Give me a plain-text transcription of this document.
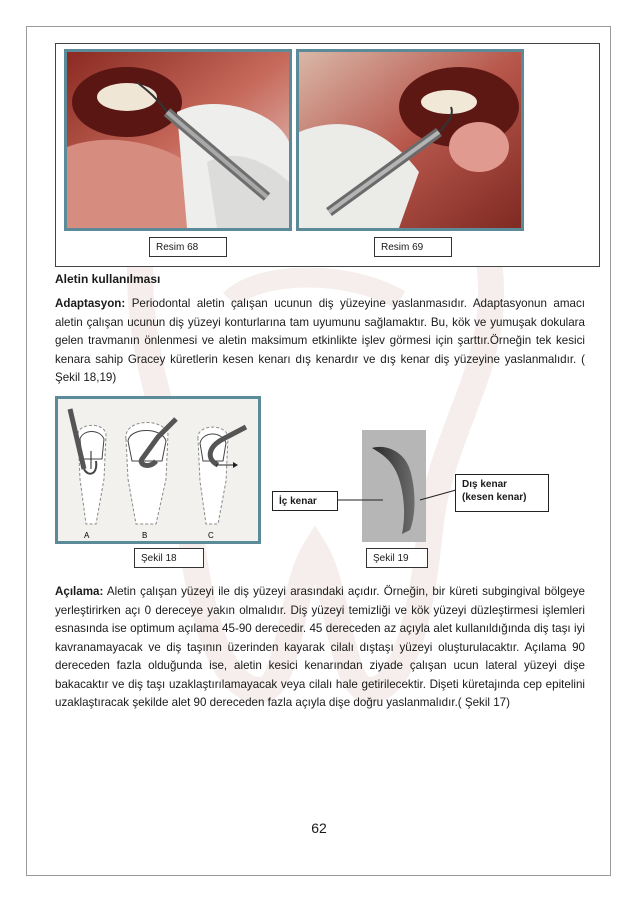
Resim 68	Resim 69
Aletin kullanılması

Adaptasyon: Periodontal aletin çalışan ucunun diş yüzeyine yaslanmasıdır. Adaptasyonun amacı aletin çalışan ucunun diş yüzeyi konturlarına tam uyumunu sağlamaktır. Bu, kök ve yumuşak dokulara gelen travmanın önlenmesi ve aletin maksimum etkinlikte işlev görmesi için şarttır.Örneğin tek kesici kenara sahip Gracey küretlerin kesen kenarı dış kenardır ve dış kenar diş yüzeyine yaslanmalıdır. ( Şekil 18,19)

A	B	C
İç kenar
Dış kenar
(kesen kenar)
Şekil 18	Şekil 19

Açılama: Aletin çalışan yüzeyi ile diş yüzeyi arasındaki açıdır. Örneğin, bir küreti subgingival bölgeye yerleştirirken açı 0 dereceye yakın olmalıdır. Diş yüzeyi temizliği ve kök yüzeyi düzleştirmesi işlemleri esnasında ise optimum açılama 45-90 derecedir. 45 dereceden az açıyla alet kullanıldığında diş taşı iyi kavranamayacak ve diş taşının üzerinden kayarak cilalı dıştaşı yüzeyi oluşturulacaktır. Açılama 90 dereceden fazla olduğunda ise, aletin kesici kenarından ziyade çalışan ucun lateral yüzeyi dişe bakacaktır ve diş taşı uzaklaştırılamayacak veya cilalı hale getirilecektir. Dişeti küretajında cep epitelini uzaklaştıracak şekilde alet 90 dereceden fazla açıyla dişe doğru yaslanmalıdır.( Şekil 17)

62
